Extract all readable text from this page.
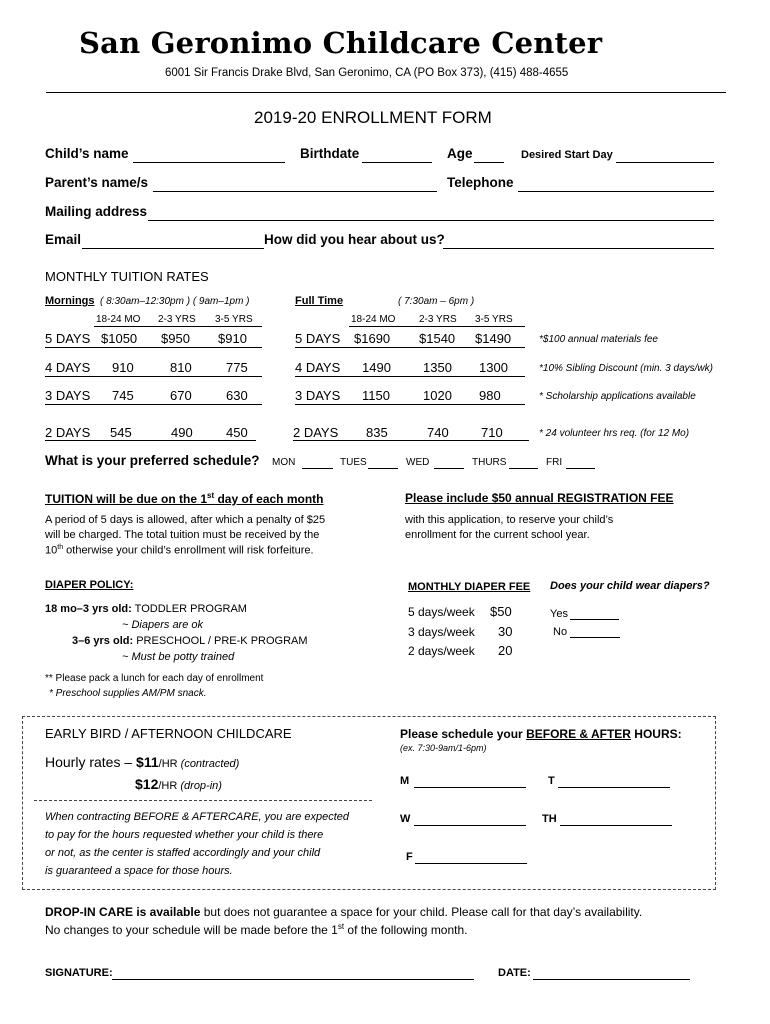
San Geronimo Childcare Center
6001 Sir Francis Drake Blvd, San Geronimo, CA (PO Box 373), (415) 488-4655
2019-20 ENROLLMENT FORM
Child’s name	Birthdate	Age	Desired Start Day
Parent’s name/s	Telephone
Mailing address
Email	How did you hear about us?
MONTHLY TUITION RATES
Mornings ( 8:30am–12:30pm ) ( 9am–1pm )	Full Time	( 7:30am – 6pm )
18-24 MO 2-3 YRS 3-5 YRS	18-24 MO 2-3 YRS 3-5 YRS
5 DAYS $1050 $950 $910	5 DAYS $1690 $1540 $1490	*$100 annual materials fee
4 DAYS 910	810	775	4 DAYS 1490 1350 1300	*10% Sibling Discount (min. 3 days/wk)
3 DAYS 745	670	630	3 DAYS 1150	1020 980	* Scholarship applications available
2 DAYS 545	490	450	2 DAYS 835	740 710	* 24 volunteer hrs req. (for 12 Mo)
What is your preferred schedule? MON	TUES	WED	THURS	FRI
TUITION will be due on the 1st day of each month
A period of 5 days is allowed, after which a penalty of $25
will be charged. The total tuition must be received by the
10th otherwise your child’s enrollment will risk forfeiture.
Please include $50 annual REGISTRATION FEE
with this application, to reserve your child’s
enrollment for the current school year.
DIAPER POLICY:
18 mo–3 yrs old: TODDLER PROGRAM
~ Diapers are ok
3–6 yrs old: PRESCHOOL / PRE-K PROGRAM
~ Must be potty trained
MONTHLY DIAPER FEE
5 days/week $50
3 days/week 30
2 days/week 20
Does your child wear diapers?
Yes
No
** Please pack a lunch for each day of enrollment
* Preschool supplies AM/PM snack.
EARLY BIRD / AFTERNOON CHILDCARE
Hourly rates – $11/HR (contracted)
$12/HR (drop-in)
When contracting BEFORE & AFTERCARE, you are expected
to pay for the hours requested whether your child is there
or not, as the center is staffed accordingly and your child
is guaranteed a space for those hours.
Please schedule your BEFORE & AFTER HOURS:
(ex. 7:30-9am/1-6pm)
M	T
W	TH
F
DROP-IN CARE is available but does not guarantee a space for your child. Please call for that day’s availability.
No changes to your schedule will be made before the 1st of the following month.
SIGNATURE:	DATE:
